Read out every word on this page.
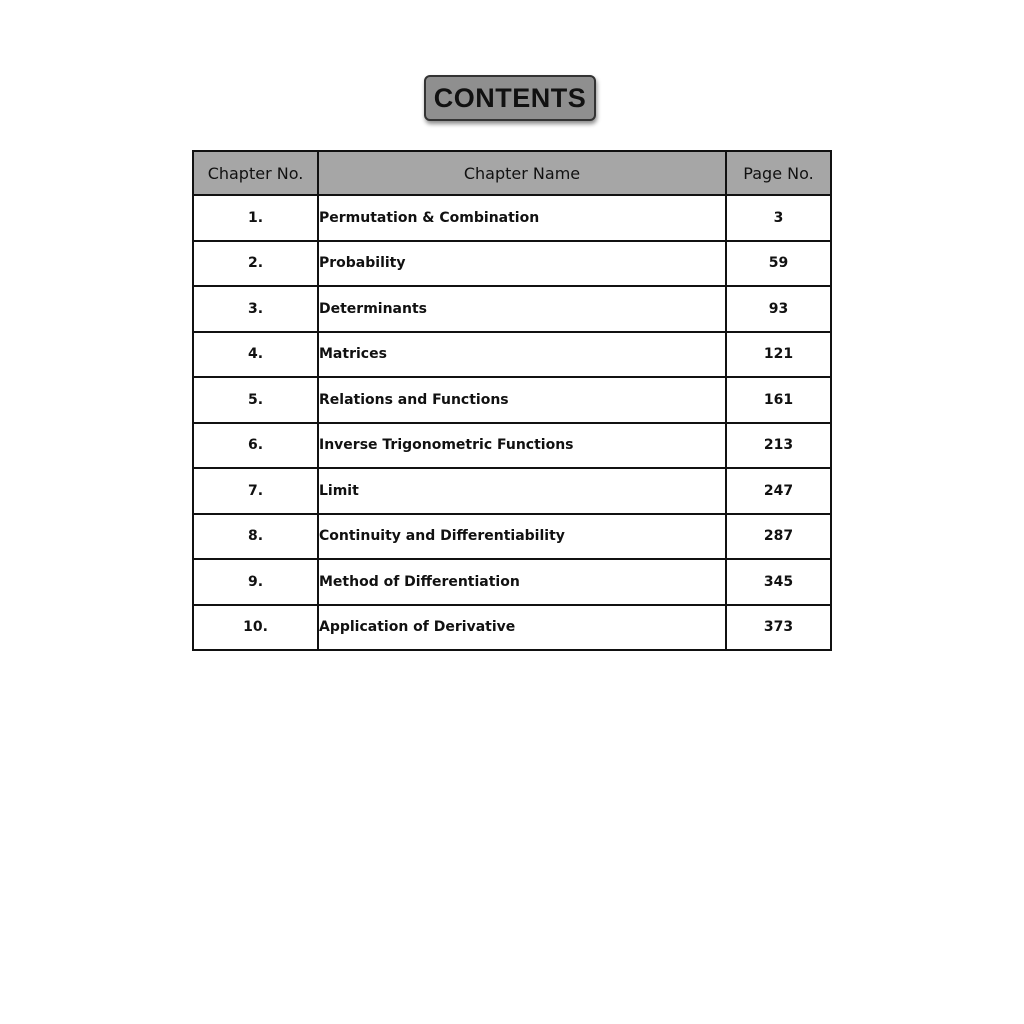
CONTENTS
Chapter No.	Chapter Name	Page No.
1.	Permutation & Combination	3
2.	Probability	59
3.	Determinants	93
4.	Matrices	121
5.	Relations and Functions	161
6.	Inverse Trigonometric Functions	213
7.	Limit	247
8.	Continuity and Differentiability	287
9.	Method of Differentiation	345
10.	Application of Derivative	373
